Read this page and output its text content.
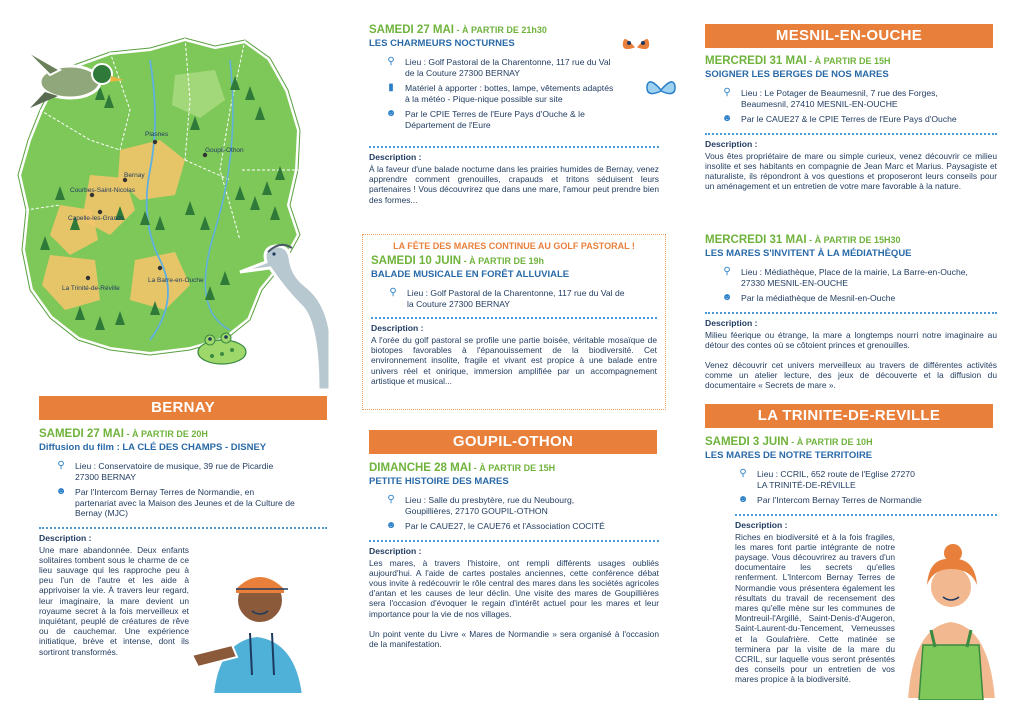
Plasnes
Goupil-Othon
Bernay
Courbes-Saint-Nicolas
Capelle-les-Grands
La Trinité-de-Réville
La Barre-en-Ouche
BERNAY
SAMEDI 27 MAI - À PARTIR DE 20H
Diffusion du film : LA CLÉ DES CHAMPS - DISNEY
⚲	Lieu : Conservatoire de musique, 39 rue de Picardie 27300 BERNAY
☻	Par l'Intercom Bernay Terres de Normandie, en partenariat avec la Maison des Jeunes et de la Culture de Bernay (MJC)
Description :
Une mare abandonnée. Deux enfants solitaires tombent sous le charme de ce lieu sauvage qui les rapproche peu à peu l'un de l'autre et les aide à apprivoiser la vie. À travers leur regard, leur imaginaire, la mare devient un royaume secret à la fois merveilleux et inquiétant, peuplé de créatures de rêve ou de cauchemar. Une expérience initiatique, brève et intense, dont ils sortiront transformés.
SAMEDI 27 MAI - À PARTIR DE 21h30
LES CHARMEURS NOCTURNES
⚲	Lieu : Golf Pastoral de la Charentonne, 117 rue du Val de la Couture 27300 BERNAY
▮	Matériel à apporter : bottes, lampe, vêtements adaptés à la météo - Pique-nique possible sur site
☻	Par le CPIE Terres de l'Eure Pays d'Ouche & le Département de l'Eure
Description :
À la faveur d'une balade nocturne dans les prairies humides de Bernay, venez apprendre comment grenouilles, crapauds et tritons séduisent leurs partenaires ! Vous découvrirez que dans une mare, l'amour peut prendre bien des formes...
LA FÊTE DES MARES CONTINUE AU GOLF PASTORAL !
SAMEDI 10 JUIN - À PARTIR DE 19h
BALADE MUSICALE EN FORÊT ALLUVIALE
⚲	Lieu : Golf Pastoral de la Charentonne, 117 rue du Val de la Couture 27300 BERNAY
Description :
A l'orée du golf pastoral se profile une partie boisée, véritable mosaïque de biotopes favorables à l'épanouissement de la biodiversité. Cet environnement insolite, fragile et vivant est propice à une balade entre univers réel et onirique, immersion amplifiée par un accompagnement artistique et musical...
GOUPIL-OTHON
DIMANCHE 28 MAI - À PARTIR DE 15H
PETITE HISTOIRE DES MARES
⚲	Lieu : Salle du presbytère, rue du Neubourg, Goupillières, 27170 GOUPIL-OTHON
☻	Par le CAUE27, le CAUE76 et l'Association COCITÉ
Description :
Les mares, à travers l'histoire, ont rempli différents usages oubliés aujourd'hui. A l'aide de cartes postales anciennes, cette conférence débat vous invite à redécouvrir le rôle central des mares dans les sociétés agricoles d'antan et les causes de leur déclin. Une visite des mares de Goupillières sera l'occasion d'évoquer le regain d'intérêt actuel pour les mares et leur importance pour la vie de nos villages.
Un point vente du Livre « Mares de Normandie » sera organisé à l'occasion de la manifestation.
MESNIL-EN-OUCHE
MERCREDI 31 MAI - À PARTIR DE 15H
SOIGNER LES BERGES DE NOS MARES
⚲	Lieu : Le Potager de Beaumesnil, 7 rue des Forges, Beaumesnil, 27410 MESNIL-EN-OUCHE
☻	Par le CAUE27 & le CPIE Terres de l'Eure Pays d'Ouche
Description :
Vous êtes propriétaire de mare ou simple curieux, venez découvrir ce milieu insolite et ses habitants en compagnie de Jean Marc et Marius. Paysagiste et naturaliste, ils répondront à vos questions et proposeront leurs conseils pour un aménagement et un entretien de votre mare favorable à la nature.
MERCREDI 31 MAI - À PARTIR DE 15H30
LES MARES S'INVITENT À LA MÉDIATHÈQUE
⚲	Lieu : Médiathèque, Place de la mairie, La Barre-en-Ouche, 27330 MESNIL-EN-OUCHE
☻	Par la médiathèque de Mesnil-en-Ouche
Description :
Milieu féerique ou étrange, la mare a longtemps nourri notre imaginaire au détour des contes où se côtoient princes et grenouilles.
Venez découvrir cet univers merveilleux au travers de différentes activités comme un atelier lecture, des jeux de découverte et la diffusion du documentaire « Secrets de mare ».
LA TRINITE-DE-REVILLE
SAMEDI 3 JUIN - À PARTIR DE 10H
LES MARES DE NOTRE TERRITOIRE
⚲	Lieu : CCRIL, 652 route de l'Eglise 27270 LA TRINITÉ-DE-RÉVILLE
☻	Par l'Intercom Bernay Terres de Normandie
Description :
Riches en biodiversité et à la fois fragiles, les mares font partie intégrante de notre paysage. Vous découvrirez au travers d'un documentaire les secrets qu'elles renferment. L'Intercom Bernay Terres de Normandie vous présentera également les résultats du travail de recensement des mares qu'elle mène sur les communes de Montreuil-l'Argillé, Saint-Denis-d'Augeron, Saint-Laurent-du-Tencement, Verneusses et la Goulafrière. Cette matinée se terminera par la visite de la mare du CCRIL, sur laquelle vous seront présentés des conseils pour un entretien de vos mares propice à la biodiversité.
